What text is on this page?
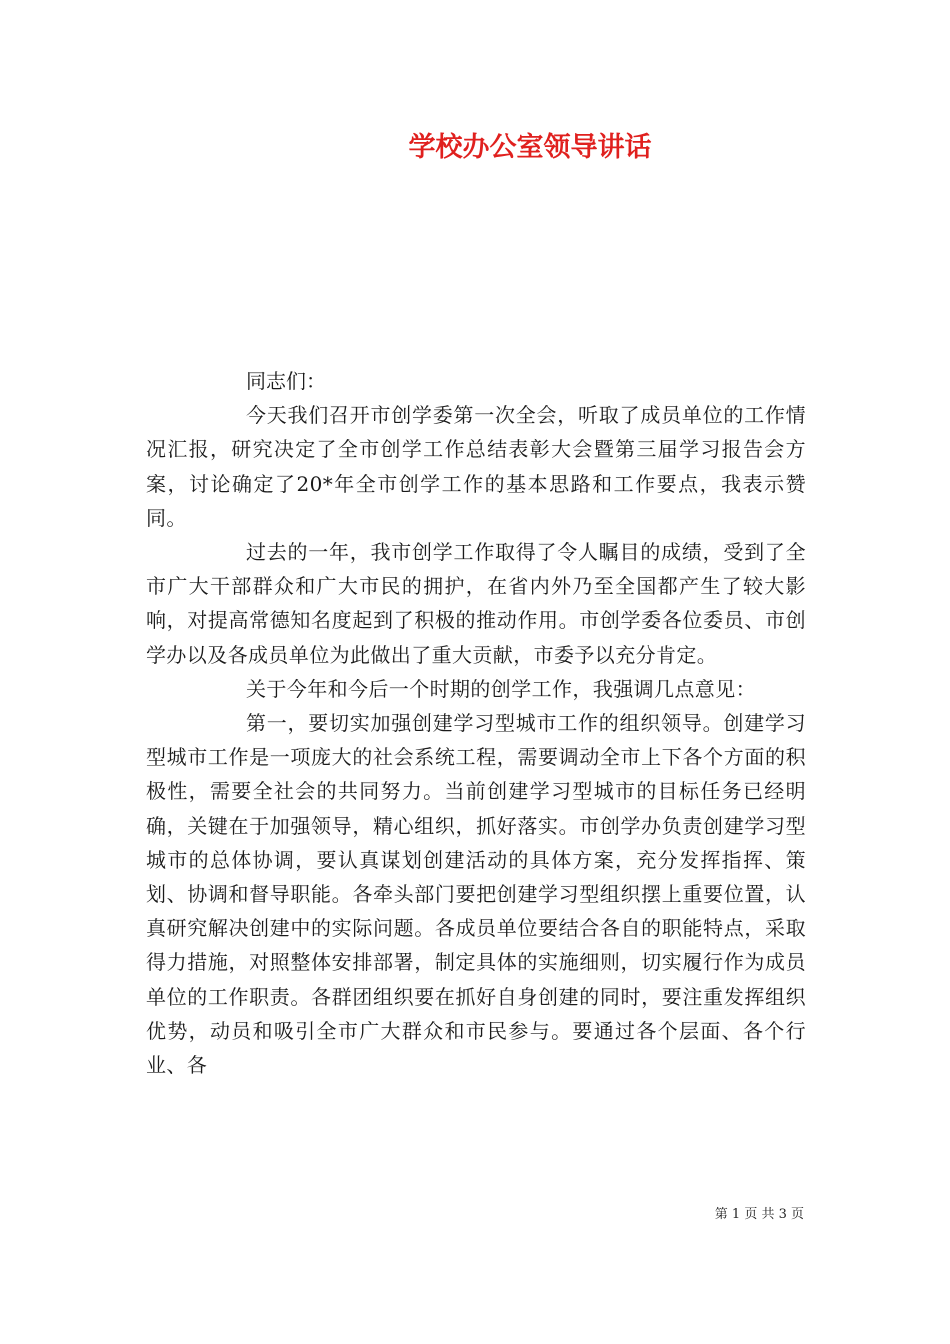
学校办公室领导讲话

同志们：

今天我们召开市创学委第一次全会，听取了成员单位的工作情况汇报，研究决定了全市创学工作总结表彰大会暨第三届学习报告会方案，讨论确定了20*年全市创学工作的基本思路和工作要点，我表示赞同。

过去的一年，我市创学工作取得了令人瞩目的成绩，受到了全市广大干部群众和广大市民的拥护，在省内外乃至全国都产生了较大影响，对提高常德知名度起到了积极的推动作用。市创学委各位委员、市创学办以及各成员单位为此做出了重大贡献，市委予以充分肯定。

关于今年和今后一个时期的创学工作，我强调几点意见：

第一，要切实加强创建学习型城市工作的组织领导。创建学习型城市工作是一项庞大的社会系统工程，需要调动全市上下各个方面的积极性，需要全社会的共同努力。当前创建学习型城市的目标任务已经明确，关键在于加强领导，精心组织，抓好落实。市创学办负责创建学习型城市的总体协调，要认真谋划创建活动的具体方案，充分发挥指挥、策划、协调和督导职能。各牵头部门要把创建学习型组织摆上重要位置，认真研究解决创建中的实际问题。各成员单位要结合各自的职能特点，采取得力措施，对照整体安排部署，制定具体的实施细则，切实履行作为成员单位的工作职责。各群团组织要在抓好自身创建的同时，要注重发挥组织优势，动员和吸引全市广大群众和市民参与。要通过各个层面、各个行业、各

第 1 页 共 3 页
